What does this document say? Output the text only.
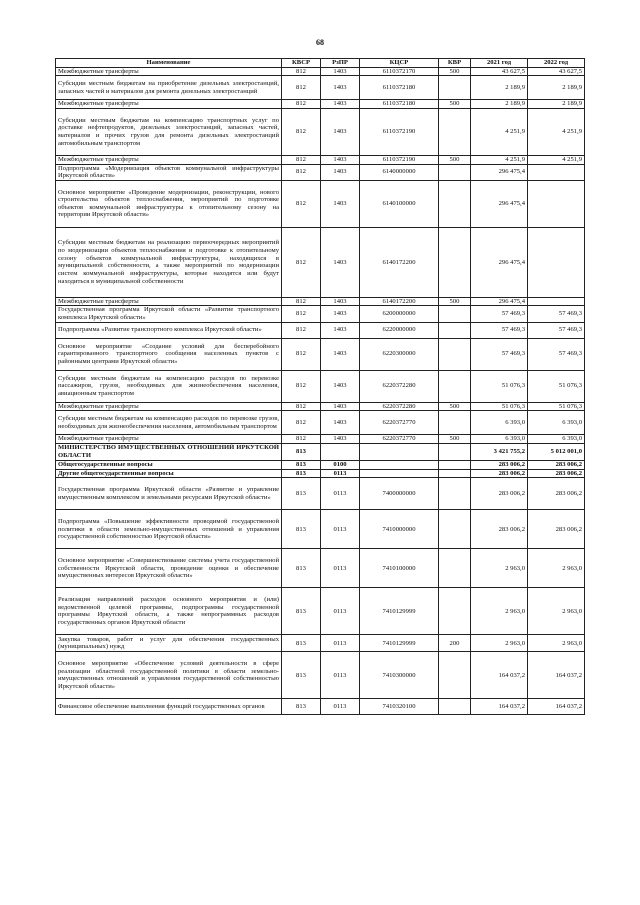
68
Наименование	КВСР	РзПР	КЦСР	КВР	2021 год	2022 год
Межбюджетные трансферты	812	1403	6110372170	500	43 627,5	43 627,5
Субсидии местным бюджетам на приобретение дизельных электростанций, запасных частей и материалов для ремонта дизельных электростанций	812	1403	6110372180		2 189,9	2 189,9
Межбюджетные трансферты	812	1403	6110372180	500	2 189,9	2 189,9
Субсидии местным бюджетам на компенсацию транспортных услуг по доставке нефтепродуктов, дизельных электростанций, запасных частей, материалов и прочих грузов для ремонта дизельных электростанций автомобильным транспортом	812	1403	6110372190		4 251,9	4 251,9
Межбюджетные трансферты	812	1403	6110372190	500	4 251,9	4 251,9
Подпрограмма «Модернизация объектов коммунальной инфраструктуры Иркутской области»	812	1403	6140000000		296 475,4	
Основное мероприятие «Проведение модернизации, реконструкции, нового строительства объектов теплоснабжения, мероприятий по подготовке объектов коммунальной инфраструктуры к отопительному сезону на территории Иркутской области»	812	1403	6140100000		296 475,4	
Субсидии местным бюджетам на реализацию первоочередных мероприятий по модернизации объектов теплоснабжения и подготовке к отопительному сезону объектов коммунальной инфраструктуры, находящихся в муниципальной собственности, а также мероприятий по модернизации систем коммунальной инфраструктуры, которые находятся или будут находиться в муниципальной собственности	812	1403	6140172200		296 475,4	
Межбюджетные трансферты	812	1403	6140172200	500	296 475,4	
Государственная программа Иркутской области «Развитие транспортного комплекса Иркутской области»	812	1403	6200000000		57 469,3	57 469,3
Подпрограмма «Развитие транспортного комплекса Иркутской области»	812	1403	6220000000		57 469,3	57 469,3
Основное мероприятие «Создание условий для бесперебойного гарантированного транспортного сообщения населенных пунктов с районными центрами Иркутской области»	812	1403	6220300000		57 469,3	57 469,3
Субсидии местным бюджетам на компенсацию расходов по перевозке пассажиров, грузов, необходимых для жизнеобеспечения населения, авиационным транспортом	812	1403	6220372280		51 076,3	51 076,3
Межбюджетные трансферты	812	1403	6220372280	500	51 076,3	51 076,3
Субсидии местным бюджетам на компенсацию расходов по перевозке грузов, необходимых для жизнеобеспечения населения, автомобильным транспортом	812	1403	6220372770		6 393,0	6 393,0
Межбюджетные трансферты	812	1403	6220372770	500	6 393,0	6 393,0
МИНИСТЕРСТВО ИМУЩЕСТВЕННЫХ ОТНОШЕНИЙ ИРКУТСКОЙ ОБЛАСТИ	813				3 421 755,2	5 012 001,0
Общегосударственные вопросы	813	0100			283 006,2	283 006,2
Другие общегосударственные вопросы	813	0113			283 006,2	283 006,2
Государственная программа Иркутской области «Развитие и управление имущественным комплексом и земельными ресурсами Иркутской области»	813	0113	7400000000		283 006,2	283 006,2
Подпрограмма «Повышение эффективности проводимой государственной политики в области земельно-имущественных отношений и управления государственной собственностью Иркутской области»	813	0113	7410000000		283 006,2	283 006,2
Основное мероприятие «Совершенствование системы учета государственной собственности Иркутской области, проведение оценки и обеспечение имущественных интересов Иркутской области»	813	0113	7410100000		2 963,0	2 963,0
Реализация направлений расходов основного мероприятия и (или) ведомственной целевой программы, подпрограммы государственной программы Иркутской области, а также непрограммных расходов государственных органов Иркутской области	813	0113	7410129999		2 963,0	2 963,0
Закупка товаров, работ и услуг для обеспечения государственных (муниципальных) нужд	813	0113	7410129999	200	2 963,0	2 963,0
Основное мероприятие «Обеспечение условий деятельности в сфере реализации областной государственной политики в области земельно-имущественных отношений и управления государственной собственностью Иркутской области»	813	0113	7410300000		164 037,2	164 037,2
Финансовое обеспечение выполнения функций государственных органов	813	0113	7410320100		164 037,2	164 037,2
